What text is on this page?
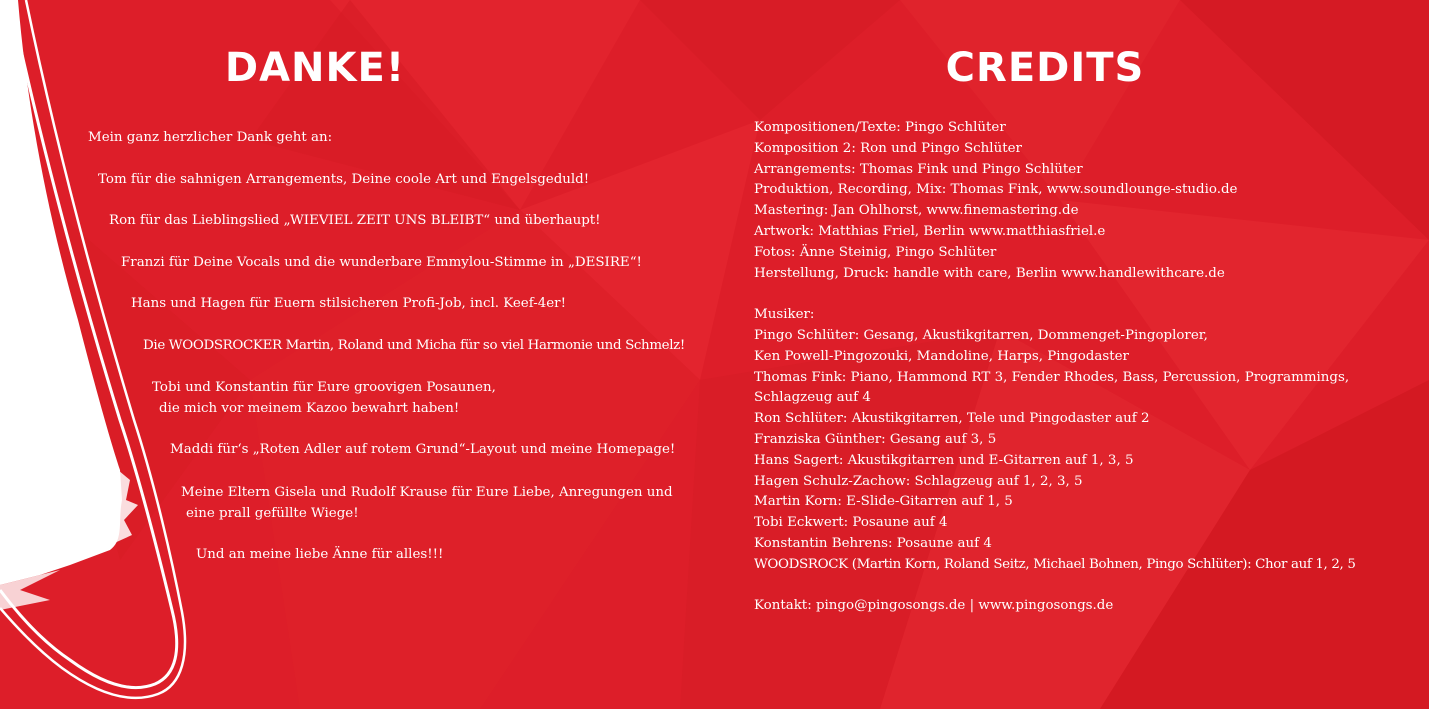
DANKE!	CREDITS
Mein ganz herzlicher Dank geht an:
Tom für die sahnigen Arrangements, Deine coole Art und Engelsgeduld!
Ron für das Lieblingslied „WIEVIEL ZEIT UNS BLEIBT“ und überhaupt!
Franzi für Deine Vocals und die wunderbare Emmylou-Stimme in „DESIRE“!
Hans und Hagen für Euern stilsicheren Profi-Job, incl. Keef-4er!
Die WOODSROCKER Martin, Roland und Micha für so viel Harmonie und Schmelz!
Tobi und Konstantin für Eure groovigen Posaunen,
die mich vor meinem Kazoo bewahrt haben!
Maddi für‘s „Roten Adler auf rotem Grund“-Layout und meine Homepage!
Meine Eltern Gisela und Rudolf Krause für Eure Liebe, Anregungen und
eine prall gefüllte Wiege!
Und an meine liebe Änne für alles!!!
Kompositionen/Texte: Pingo Schlüter
Komposition 2: Ron und Pingo Schlüter
Arrangements: Thomas Fink und Pingo Schlüter
Produktion, Recording, Mix: Thomas Fink, www.soundlounge-studio.de
Mastering: Jan Ohlhorst, www.finemastering.de
Artwork: Matthias Friel, Berlin www.matthiasfriel.e
Fotos: Änne Steinig, Pingo Schlüter
Herstellung, Druck: handle with care, Berlin www.handlewithcare.de
Musiker:
Pingo Schlüter: Gesang, Akustikgitarren, Dommenget-Pingoplorer,
Ken Powell-Pingozouki, Mandoline, Harps, Pingodaster
Thomas Fink: Piano, Hammond RT 3, Fender Rhodes, Bass, Percussion, Programmings,
Schlagzeug auf 4
Ron Schlüter: Akustikgitarren, Tele und Pingodaster auf 2
Franziska Günther: Gesang auf 3, 5
Hans Sagert: Akustikgitarren und E-Gitarren auf 1, 3, 5
Hagen Schulz-Zachow: Schlagzeug auf 1, 2, 3, 5
Martin Korn: E-Slide-Gitarren auf 1, 5
Tobi Eckwert: Posaune auf 4
Konstantin Behrens: Posaune auf 4
WOODSROCK (Martin Korn, Roland Seitz, Michael Bohnen, Pingo Schlüter): Chor auf 1, 2, 5
Kontakt: pingo@pingosongs.de | www.pingosongs.de
